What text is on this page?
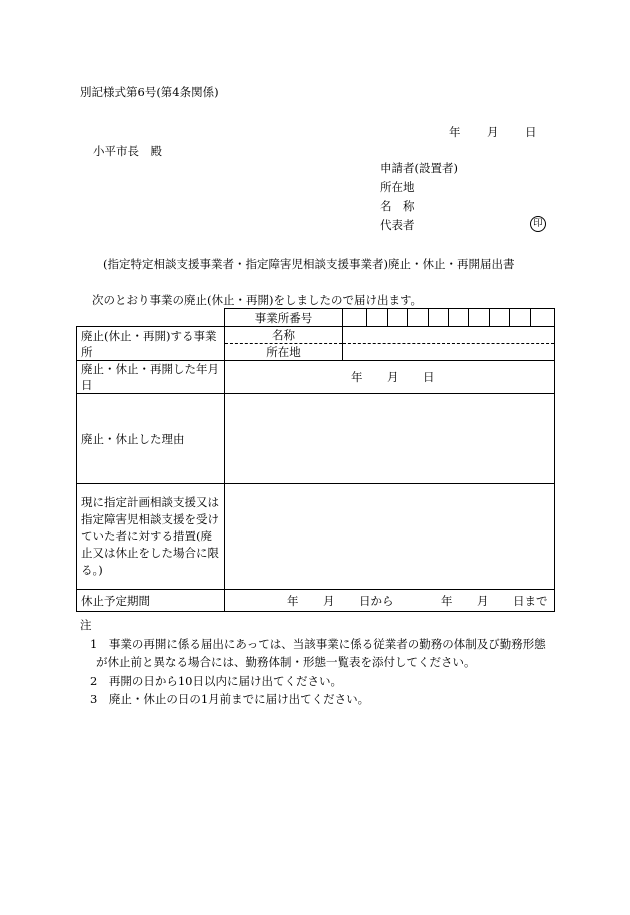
別記様式第6号(第4条関係)
年 月 日
小平市長　殿
申請者(設置者)
所在地
名　称
代表者	印
(指定特定相談支援事業者・指定障害児相談支援事業者)廃止・休止・再開届出書
次のとおり事業の廃止(休止・再開)をしましたので届け出ます。
	事業所番号	

廃止(休止・再開)する事業所	名称	
	所在地	
廃止・休止・再開した年月日	年 月 日	
廃止・休止した理由		
現に指定計画相談支援又は指定障害児相談支援を受けていた者に対する措置(廃止又は休止をした場合に限る。)		
休止予定期間	年 月 日から 年 月 日まで	
注
1　事業の再開に係る届出にあっては、当該事業に係る従業者の勤務の体制及び勤務形態
が休止前と異なる場合には、勤務体制・形態一覧表を添付してください。
2　再開の日から10日以内に届け出てください。
3　廃止・休止の日の1月前までに届け出てください。
